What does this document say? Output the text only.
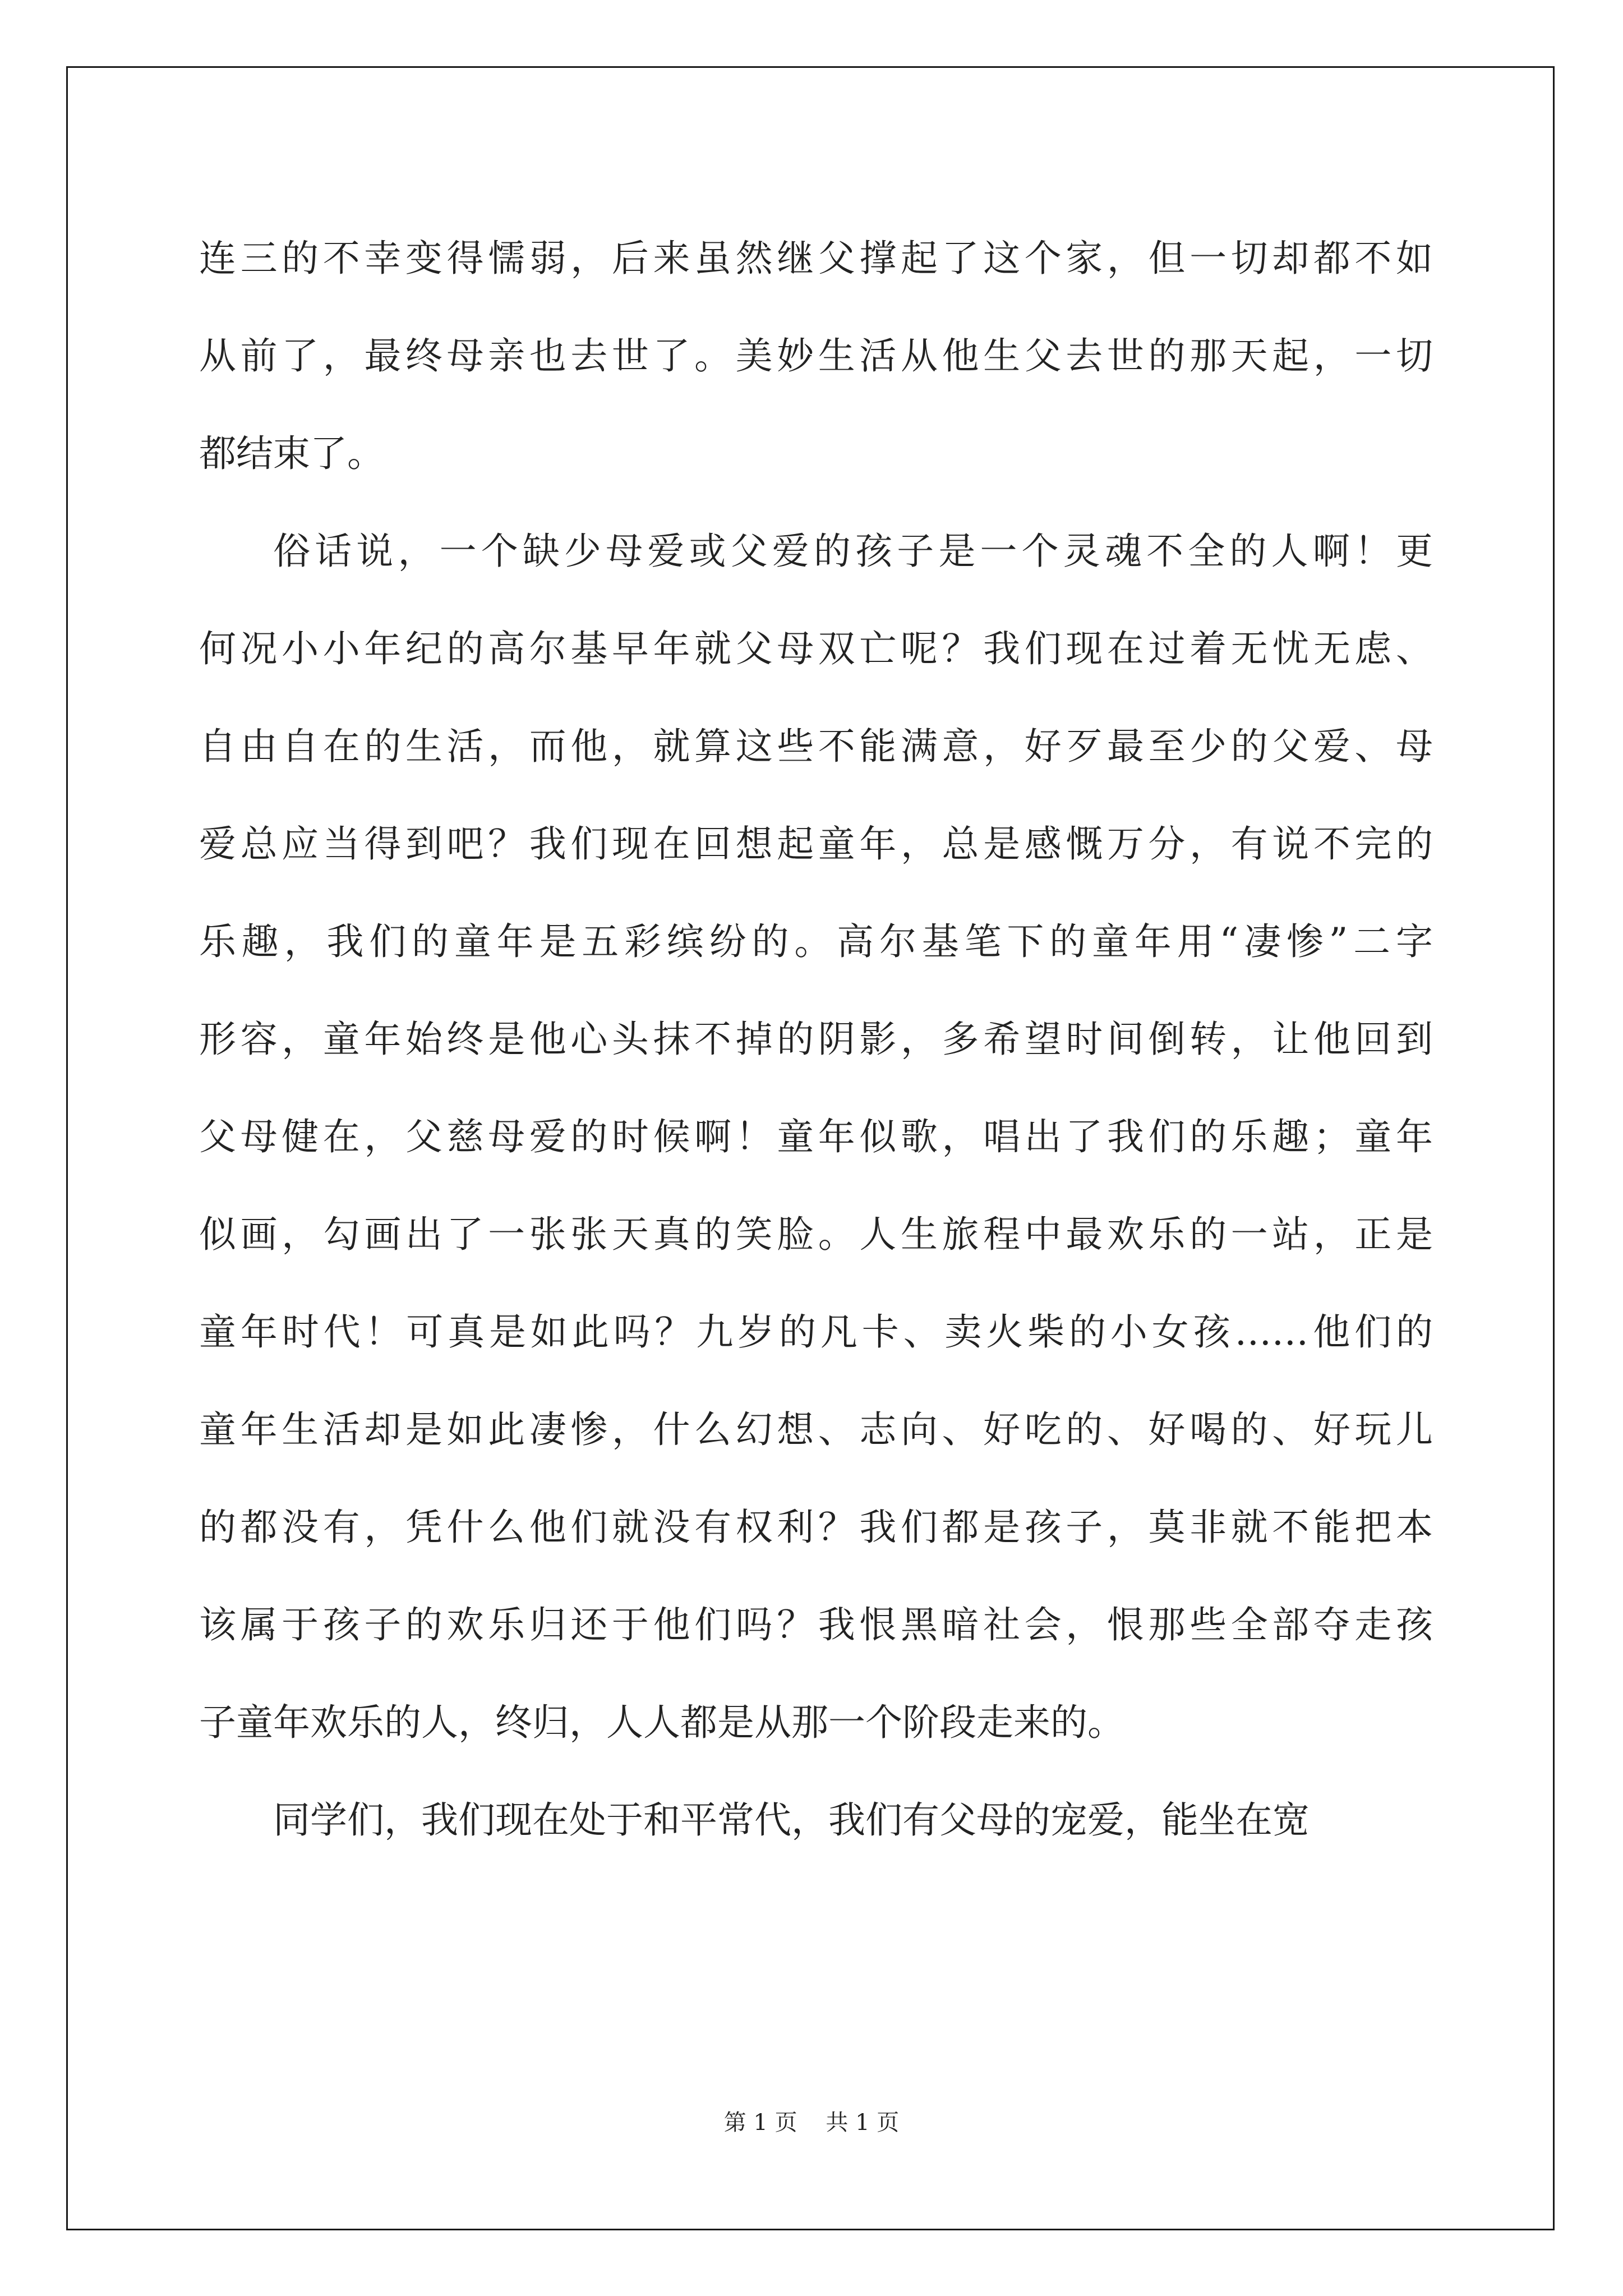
连三的不幸变得懦弱，后来虽然继父撑起了这个家，但一切却都不如
从前了，最终母亲也去世了。美妙生活从他生父去世的那天起，一切
都结束了。
俗话说，一个缺少母爱或父爱的孩子是一个灵魂不全的人啊！更
何况小小年纪的高尔基早年就父母双亡呢？我们现在过着无忧无虑、
自由自在的生活，而他，就算这些不能满意，好歹最至少的父爱、母
爱总应当得到吧？我们现在回想起童年，总是感慨万分，有说不完的
乐趣，我们的童年是五彩缤纷的。高尔基笔下的童年用“凄惨”二字
形容，童年始终是他心头抹不掉的阴影，多希望时间倒转，让他回到
父母健在，父慈母爱的时候啊！童年似歌，唱出了我们的乐趣；童年
似画，勾画出了一张张天真的笑脸。人生旅程中最欢乐的一站，正是
童年时代！可真是如此吗？九岁的凡卡、卖火柴的小女孩……他们的
童年生活却是如此凄惨，什么幻想、志向、好吃的、好喝的、好玩儿
的都没有，凭什么他们就没有权利？我们都是孩子，莫非就不能把本
该属于孩子的欢乐归还于他们吗？我恨黑暗社会，恨那些全部夺走孩
子童年欢乐的人，终归，人人都是从那一个阶段走来的。
同学们，我们现在处于和平常代，我们有父母的宠爱，能坐在宽
第 1 页    共 1 页
